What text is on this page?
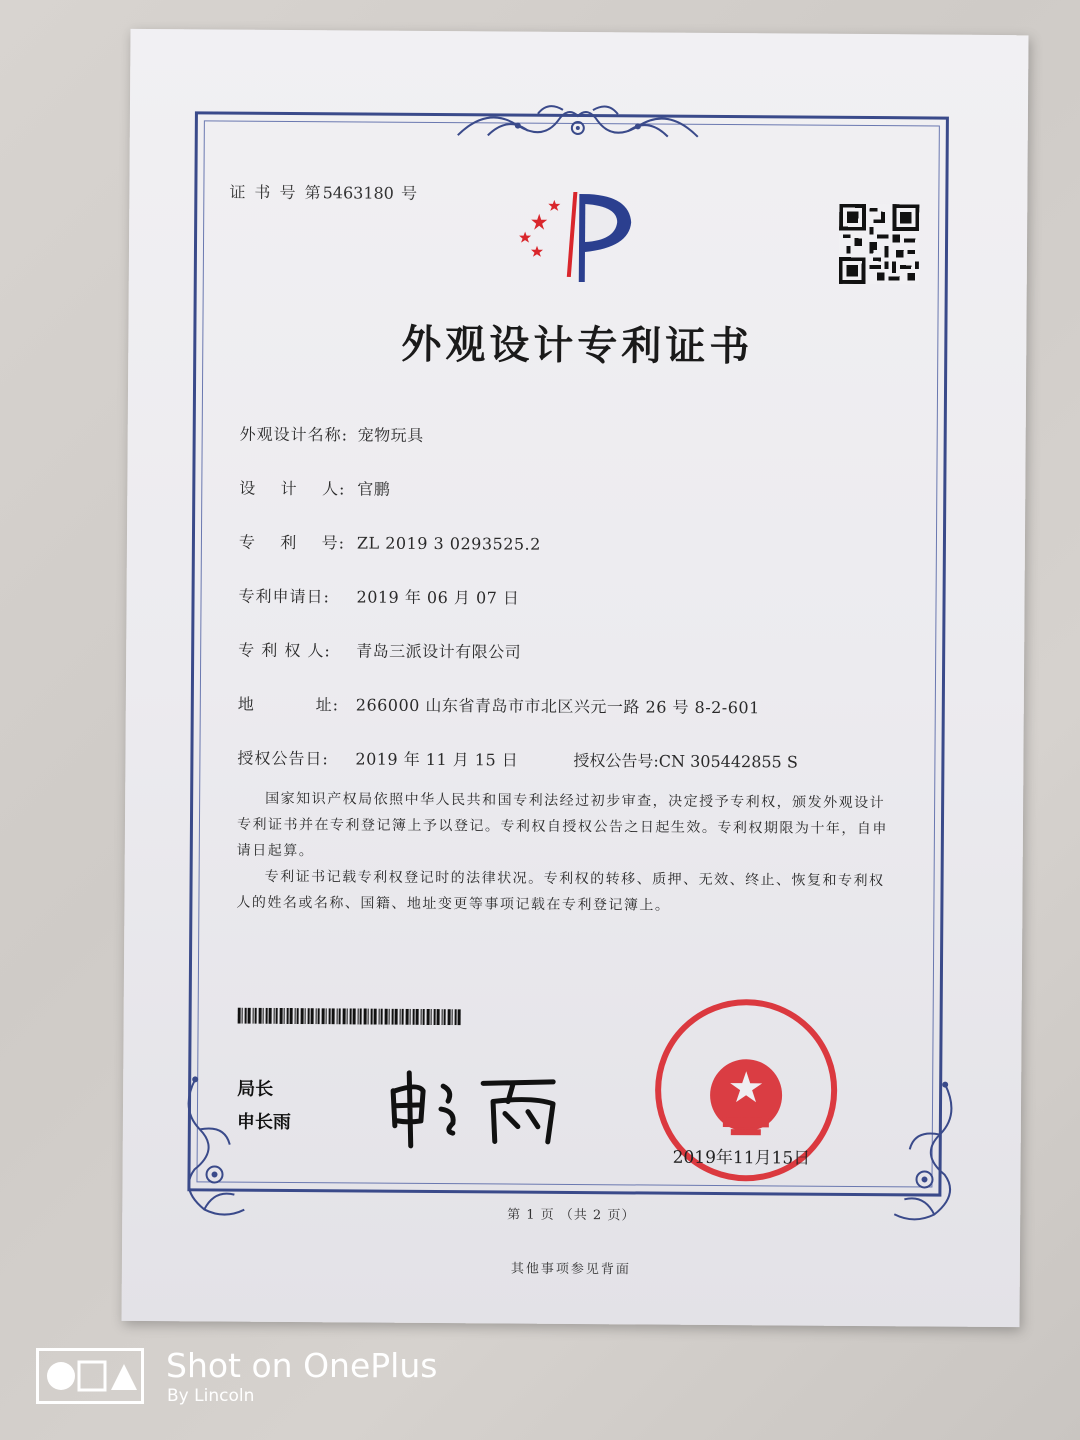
证 书 号 第5463180 号
外观设计专利证书
外观设计名称: 宠物玩具
设    计    人: 官鹏
专    利    号: ZL 2019 3 0293525.2
专利申请日: 2019 年 06 月 07 日
专 利 权 人: 青岛三派设计有限公司
地          址: 266000 山东省青岛市市北区兴元一路 26 号 8-2-601
授权公告日: 2019 年 11 月 15 日	授权公告号:CN 305442855 S

国家知识产权局依照中华人民共和国专利法经过初步审查，决定授予专利权，颁发外观设计专利证书并在专利登记簿上予以登记。专利权自授权公告之日起生效。专利权期限为十年，自申请日起算。

专利证书记载专利权登记时的法律状况。专利权的转移、质押、无效、终止、恢复和专利权人的姓名或名称、国籍、地址变更等事项记载在专利登记簿上。

局长
申长雨
2019年11月15日
第 1 页 （共 2 页）
其他事项参见背面
Shot on OnePlus
By Lincoln
